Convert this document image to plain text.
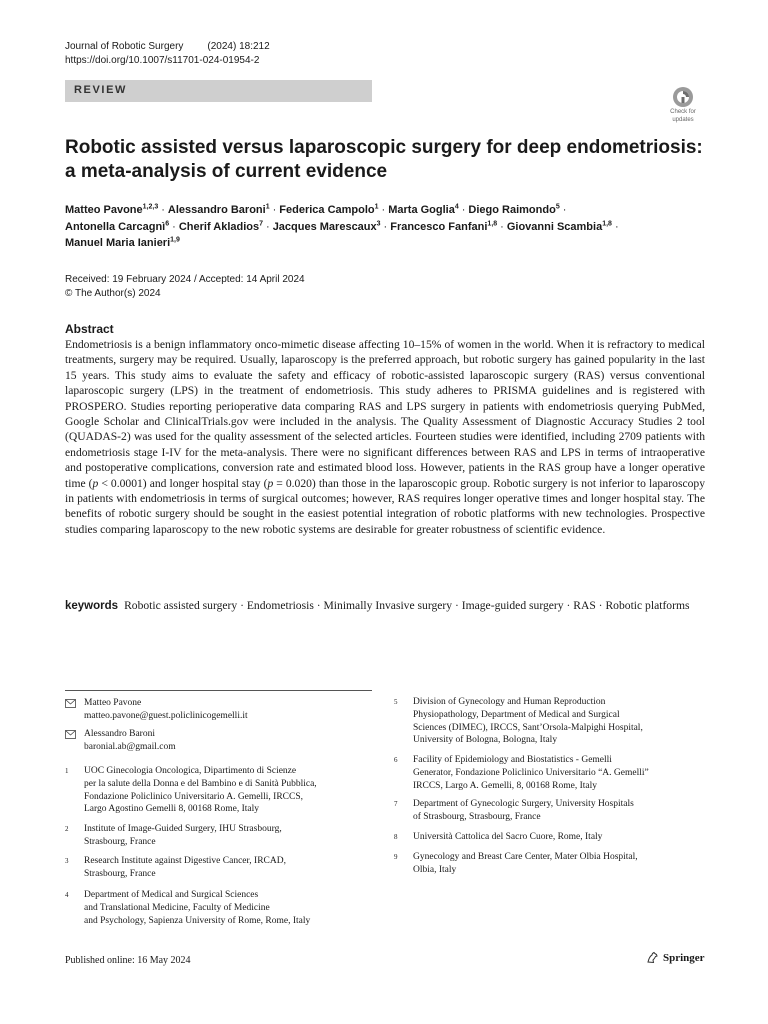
Journal of Robotic Surgery (2024) 18:212
https://doi.org/10.1007/s11701-024-01954-2
REVIEW
Check for
updates
Robotic assisted versus laparoscopic surgery for deep endometriosis:
a meta-analysis of current evidence
Matteo Pavone$^{1,2,3}$ · Alessandro Baroni$^1$ · Federica Campolo$^1$ · Marta Goglia$^4$ · Diego Raimondo$^5$ ·
Antonella Carcagnì$^6$ · Cherif Akladios$^7$ · Jacques Marescaux$^3$ · Francesco Fanfani$^{1,8}$ · Giovanni Scambia$^{1,8}$ ·
Manuel Maria Ianieri$^{1,9}$
Received: 19 February 2024 / Accepted: 14 April 2024
© The Author(s) 2024
Abstract

Endometriosis is a benign inflammatory onco-mimetic disease affecting 10–15% of women in the world. When it is refractory to medical treatments, surgery may be required. Usually, laparoscopy is the preferred approach, but robotic surgery has gained popularity in the last 15 years. This study aims to evaluate the safety and efficacy of robotic-assisted laparoscopic surgery (RAS) versus conventional laparoscopic surgery (LPS) in the treatment of endometriosis. This study adheres to PRISMA guidelines and is registered with PROSPERO. Studies reporting perioperative data comparing RAS and LPS surgery in patients with endometriosis querying PubMed, Google Scholar and ClinicalTrials.gov were included in the analysis. The Quality Assessment of Diagnostic Accuracy Studies 2 tool (QUADAS-2) was used for the quality assessment of the selected articles. Fourteen studies were identified, including 2709 patients with endometriosis stage I-IV for the meta-analysis. There were no significant differences between RAS and LPS in terms of intraoperative and postoperative complications, conversion rate and estimated blood loss. However, patients in the RAS group have a longer operative time (p < 0.0001) and longer hospital stay (p = 0.020) than those in the laparoscopic group. Robotic surgery is not inferior to laparoscopy in patients with endometriosis in terms of surgical outcomes; however, RAS requires longer operative times and longer hospital stay. The benefits of robotic surgery should be sought in the easiest potential integration of robotic platforms with new technologies. Prospective studies comparing laparoscopy to the new robotic systems are desirable for greater robustness of scientific evidence.

keywords Robotic assisted surgery · Endometriosis · Minimally Invasive surgery · Image-guided surgery · RAS · Robotic platforms
Matteo Pavone
matteo.pavone@guest.policlinicogemelli.it
Alessandro Baroni
baronial.ab@gmail.com
1 UOC Ginecologia Oncologica, Dipartimento di Scienze
per la salute della Donna e del Bambino e di Sanità Pubblica,
Fondazione Policlinico Universitario A. Gemelli, IRCCS,
Largo Agostino Gemelli 8, 00168 Rome, Italy
2 Institute of Image-Guided Surgery, IHU Strasbourg,
Strasbourg, France
3 Research Institute against Digestive Cancer, IRCAD,
Strasbourg, France
4 Department of Medical and Surgical Sciences
and Translational Medicine, Faculty of Medicine
and Psychology, Sapienza University of Rome, Rome, Italy
5 Division of Gynecology and Human Reproduction
Physiopathology, Department of Medical and Surgical
Sciences (DIMEC), IRCCS, Sant’Orsola-Malpighi Hospital,
University of Bologna, Bologna, Italy
6 Facility of Epidemiology and Biostatistics - Gemelli
Generator, Fondazione Policlinico Universitario “A. Gemelli”
IRCCS, Largo A. Gemelli, 8, 00168 Rome, Italy
7 Department of Gynecologic Surgery, University Hospitals
of Strasbourg, Strasbourg, France
8 Università Cattolica del Sacro Cuore, Rome, Italy
9 Gynecology and Breast Care Center, Mater Olbia Hospital,
Olbia, Italy
Published online: 16 May 2024	Springer
